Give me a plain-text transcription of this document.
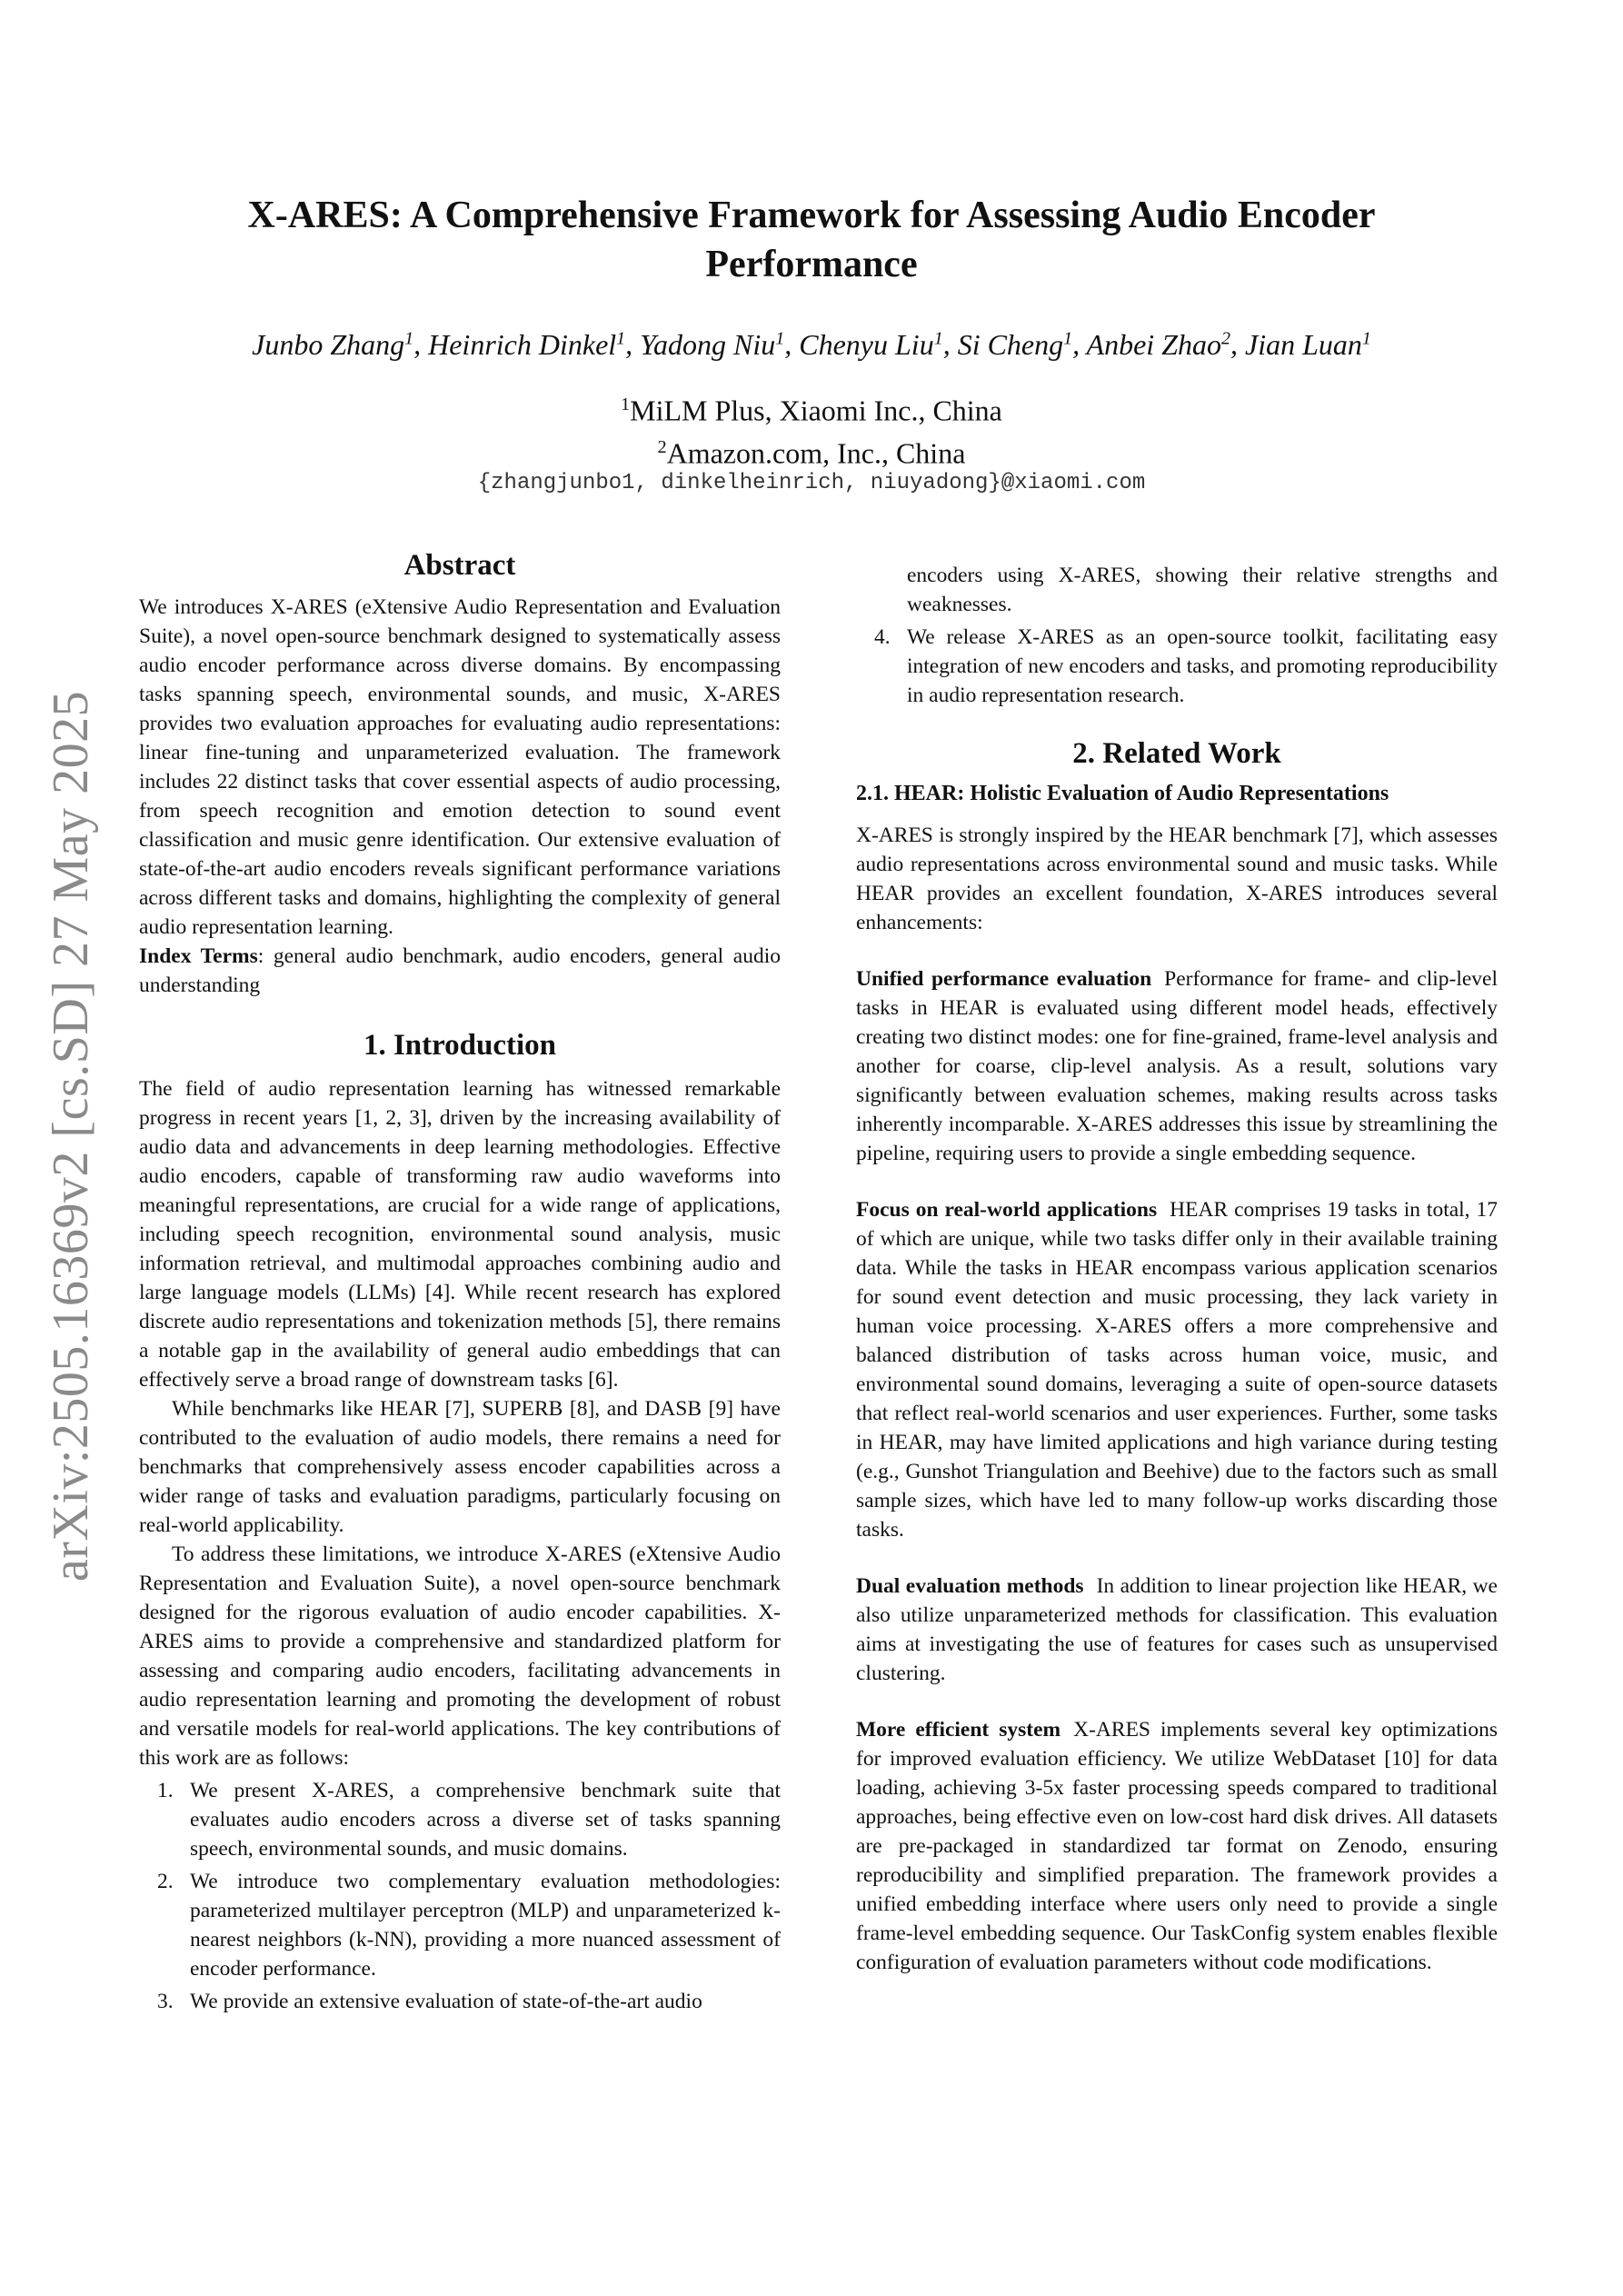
arXiv:2505.16369v2 [cs.SD] 27 May 2025
X-ARES: A Comprehensive Framework for Assessing Audio Encoder Performance
Junbo Zhang$^1$, Heinrich Dinkel$^1$, Yadong Niu$^1$, Chenyu Liu$^1$, Si Cheng$^1$, Anbei Zhao$^2$, Jian Luan$^1$
$^1$MiLM Plus, Xiaomi Inc., China
$^2$Amazon.com, Inc., China
{zhangjunbo1, dinkelheinrich, niuyadong}@xiaomi.com
Abstract

We introduces X-ARES (eXtensive Audio Representation and Evaluation Suite), a novel open-source benchmark designed to systematically assess audio encoder performance across diverse domains. By encompassing tasks spanning speech, environmental sounds, and music, X-ARES provides two evaluation approaches for evaluating audio representations: linear fine-tuning and unparameterized evaluation. The framework includes 22 distinct tasks that cover essential aspects of audio processing, from speech recognition and emotion detection to sound event classification and music genre identification. Our extensive evaluation of state-of-the-art audio encoders reveals significant performance variations across different tasks and domains, highlighting the complexity of general audio representation learning.

Index Terms: general audio benchmark, audio encoders, general audio understanding

1. Introduction

The field of audio representation learning has witnessed remarkable progress in recent years [1, 2, 3], driven by the increasing availability of audio data and advancements in deep learning methodologies. Effective audio encoders, capable of transforming raw audio waveforms into meaningful representations, are crucial for a wide range of applications, including speech recognition, environmental sound analysis, music information retrieval, and multimodal approaches combining audio and large language models (LLMs) [4]. While recent research has explored discrete audio representations and tokenization methods [5], there remains a notable gap in the availability of general audio embeddings that can effectively serve a broad range of downstream tasks [6].

While benchmarks like HEAR [7], SUPERB [8], and DASB [9] have contributed to the evaluation of audio models, there remains a need for benchmarks that comprehensively assess encoder capabilities across a wider range of tasks and evaluation paradigms, particularly focusing on real-world applicability.

To address these limitations, we introduce X-ARES (eXtensive Audio Representation and Evaluation Suite), a novel open-source benchmark designed for the rigorous evaluation of audio encoder capabilities. X-ARES aims to provide a comprehensive and standardized platform for assessing and comparing audio encoders, facilitating advancements in audio representation learning and promoting the development of robust and versatile models for real-world applications. The key contributions of this work are as follows:

1. We present X-ARES, a comprehensive benchmark suite that evaluates audio encoders across a diverse set of tasks spanning speech, environmental sounds, and music domains.
2. We introduce two complementary evaluation methodologies: parameterized multilayer perceptron (MLP) and unparameterized k-nearest neighbors (k-NN), providing a more nuanced assessment of encoder performance.
3. We provide an extensive evaluation of state-of-the-art audio
encoders using X-ARES, showing their relative strengths and weaknesses.
4. We release X-ARES as an open-source toolkit, facilitating easy integration of new encoders and tasks, and promoting reproducibility in audio representation research.
2. Related Work
2.1. HEAR: Holistic Evaluation of Audio Representations

X-ARES is strongly inspired by the HEAR benchmark [7], which assesses audio representations across environmental sound and music tasks. While HEAR provides an excellent foundation, X-ARES introduces several enhancements:

Unified performance evaluation Performance for frame- and clip-level tasks in HEAR is evaluated using different model heads, effectively creating two distinct modes: one for fine-grained, frame-level analysis and another for coarse, clip-level analysis. As a result, solutions vary significantly between evaluation schemes, making results across tasks inherently incomparable. X-ARES addresses this issue by streamlining the pipeline, requiring users to provide a single embedding sequence.

Focus on real-world applications HEAR comprises 19 tasks in total, 17 of which are unique, while two tasks differ only in their available training data. While the tasks in HEAR encompass various application scenarios for sound event detection and music processing, they lack variety in human voice processing. X-ARES offers a more comprehensive and balanced distribution of tasks across human voice, music, and environmental sound domains, leveraging a suite of open-source datasets that reflect real-world scenarios and user experiences. Further, some tasks in HEAR, may have limited applications and high variance during testing (e.g., Gunshot Triangulation and Beehive) due to the factors such as small sample sizes, which have led to many follow-up works discarding those tasks.

Dual evaluation methods In addition to linear projection like HEAR, we also utilize unparameterized methods for classification. This evaluation aims at investigating the use of features for cases such as unsupervised clustering.

More efficient system X-ARES implements several key optimizations for improved evaluation efficiency. We utilize WebDataset [10] for data loading, achieving 3-5x faster processing speeds compared to traditional approaches, being effective even on low-cost hard disk drives. All datasets are pre-packaged in standardized tar format on Zenodo, ensuring reproducibility and simplified preparation. The framework provides a unified embedding interface where users only need to provide a single frame-level embedding sequence. Our TaskConfig system enables flexible configuration of evaluation parameters without code modifications.
